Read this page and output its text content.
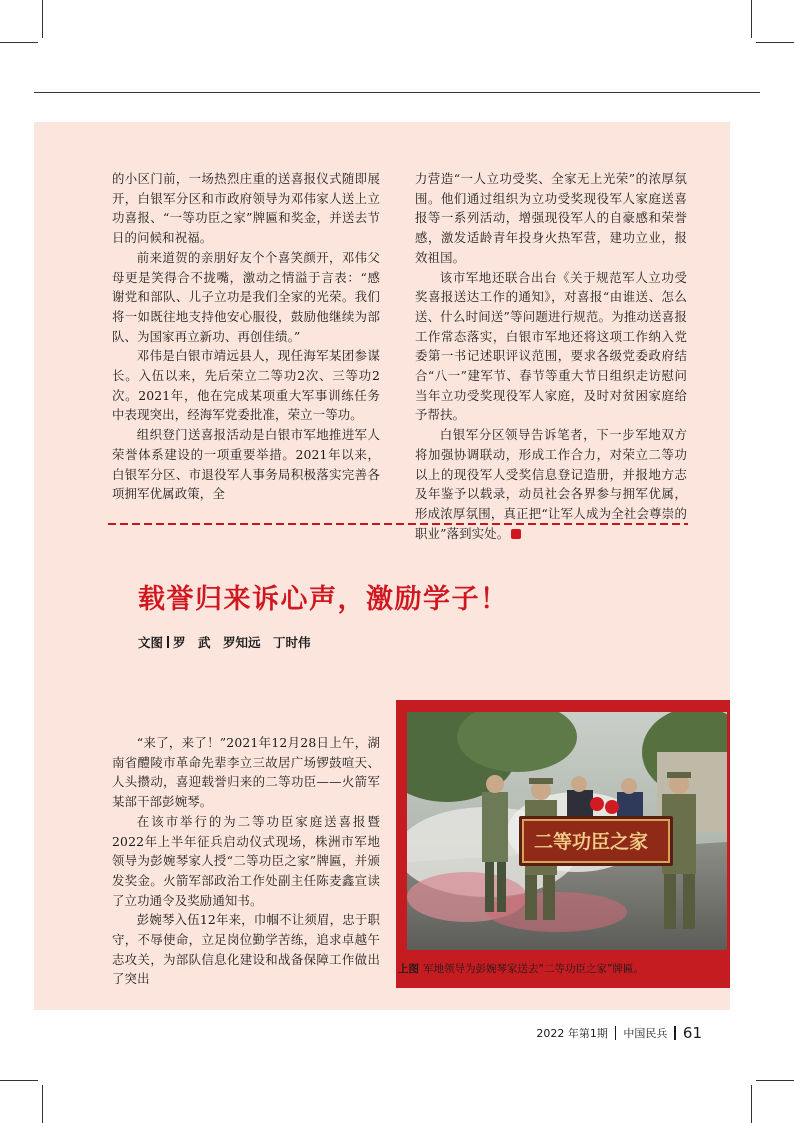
的小区门前，一场热烈庄重的送喜报仪式随即展开，白银军分区和市政府领导为邓伟家人送上立功喜报、“一等功臣之家”牌匾和奖金，并送去节日的问候和祝福。

前来道贺的亲朋好友个个喜笑颜开，邓伟父母更是笑得合不拢嘴，激动之情溢于言表：“感谢党和部队、儿子立功是我们全家的光荣。我们将一如既往地支持他安心服役，鼓励他继续为部队、为国家再立新功、再创佳绩。”

邓伟是白银市靖远县人，现任海军某团参谋长。入伍以来，先后荣立二等功2次、三等功2次。2021年，他在完成某项重大军事训练任务中表现突出，经海军党委批准，荣立一等功。

组织登门送喜报活动是白银市军地推进军人荣誉体系建设的一项重要举措。2021年以来，白银军分区、市退役军人事务局积极落实完善各项拥军优属政策，全

力营造“一人立功受奖、全家无上光荣”的浓厚氛围。他们通过组织为立功受奖现役军人家庭送喜报等一系列活动，增强现役军人的自豪感和荣誉感，激发适龄青年投身火热军营，建功立业，报效祖国。

该市军地还联合出台《关于规范军人立功受奖喜报送达工作的通知》，对喜报“由谁送、怎么送、什么时间送”等问题进行规范。为推动送喜报工作常态落实，白银市军地还将这项工作纳入党委第一书记述职评议范围，要求各级党委政府结合“八一”建军节、春节等重大节日组织走访慰问当年立功受奖现役军人家庭，及时对贫困家庭给予帮扶。

白银军分区领导告诉笔者，下一步军地双方将加强协调联动，形成工作合力，对荣立二等功以上的现役军人受奖信息登记造册，并报地方志及年鉴予以载录，动员社会各界参与拥军优属，形成浓厚氛围，真正把“让军人成为全社会尊崇的职业”落到实处。

载誉归来诉心声，激励学子！
文图 罗　武　罗知远　丁时伟

“来了，来了！”2021年12月28日上午，湖南省醴陵市革命先辈李立三故居广场锣鼓喧天、人头攒动，喜迎载誉归来的二等功臣——火箭军某部干部彭婉琴。

在该市举行的为二等功臣家庭送喜报暨2022年上半年征兵启动仪式现场，株洲市军地领导为彭婉琴家人授“二等功臣之家”牌匾，并颁发奖金。火箭军部政治工作处副主任陈麦鑫宣读了立功通令及奖励通知书。

彭婉琴入伍12年来，巾帼不让须眉，忠于职守，不辱使命，立足岗位勤学苦练，追求卓越午志攻关，为部队信息化建设和战备保障工作做出了突出

二等功臣之家
上图 军地领导为彭婉琴家送去“二等功臣之家”牌匾。
2022 年第1期 中国民兵 61
